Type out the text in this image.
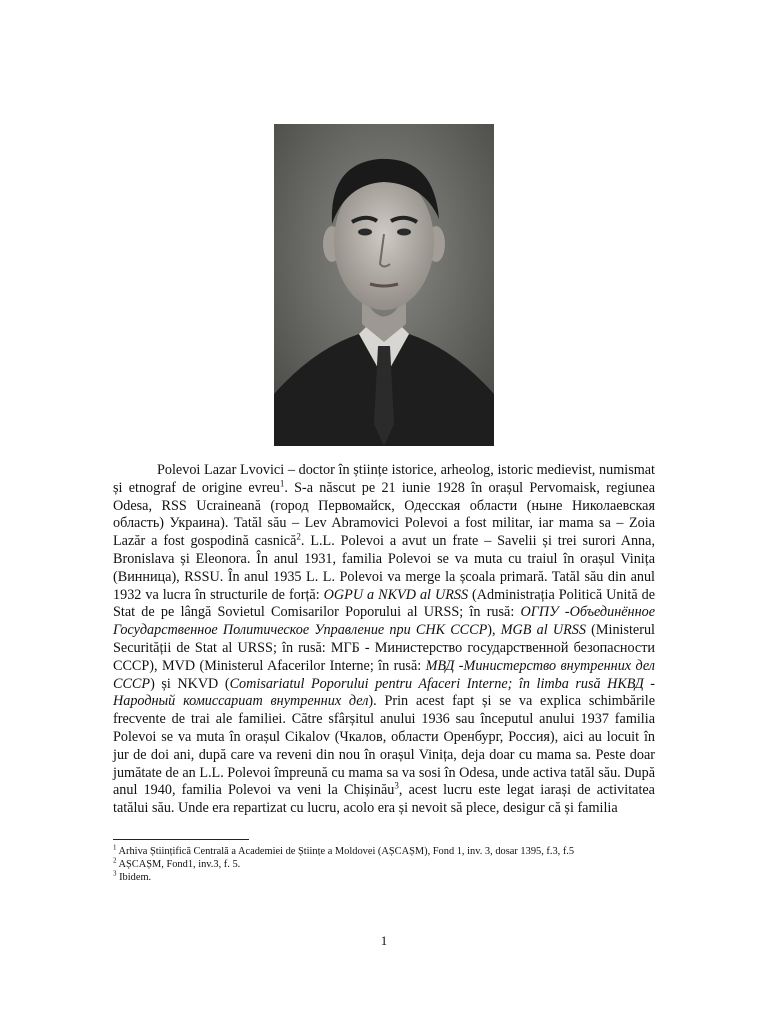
Polevoi Lazar Lvovici – doctor în științe istorice, arheolog, istoric medievist, numismat și etnograf de origine evreu$^1$. S-a născut pe 21 iunie 1928 în orașul Pervomaisk, regiunea Odesa, RSS Ucraineană (город Первомайск, Одесская области (ныне Николаевская область) Украина). Tatăl său – Lev Abramovici Polevoi a fost militar, iar mama sa – Zoia Lazăr a fost gospodină casnică$^2$. L.L. Polevoi a avut un frate – Savelii și trei surori Anna, Bronislava și Eleonora. În anul 1931, familia Polevoi se va muta cu traiul în orașul Vinița (Винница), RSSU. În anul 1935 L. L. Polevoi va merge la școala primară. Tatăl său din anul 1932 va lucra în structurile de forță: OGPU a NKVD al URSS (Administrația Politică Unită de Stat de pe lângă Sovietul Comisarilor Poporului al URSS; în rusă: ОГПУ -Объединённое Государственное Политическое Управление при СНК СССР), MGB al URSS (Ministerul Securității de Stat al URSS; în rusă: МГБ - Министерство государственной безопасности СССР), MVD (Ministerul Afacerilor Interne; în rusă: МВД -Министерство внутренних дел СССР) și NKVD (Comisariatul Poporului pentru Afaceri Interne; în limba rusă НКВД - Народный комиссариат внутренних дел). Prin acest fapt și se va explica schimbările frecvente de trai ale familiei. Către sfârșitul anului 1936 sau începutul anului 1937 familia Polevoi se va muta în orașul Cikalov (Чкалов, области Оренбург, Россия), aici au locuit în jur de doi ani, după care va reveni din nou în orașul Vinița, deja doar cu mama sa. Peste doar jumătate de an L.L. Polevoi împreună cu mama sa va sosi în Odesa, unde activa tatăl său. După anul 1940, familia Polevoi va veni la Chișinău$^3$, acest lucru este legat iarași de activitatea tatălui său. Unde era repartizat cu lucru, acolo era și nevoit să plece, desigur că și familia

$^1$ Arhiva Științifică Centrală a Academiei de Științe a Moldovei (AȘCAȘM), Fond 1, inv. 3, dosar 1395, f.3, f.5
$^2$ AȘCAȘM, Fond1, inv.3, f. 5.
$^3$ Ibidem.
1
